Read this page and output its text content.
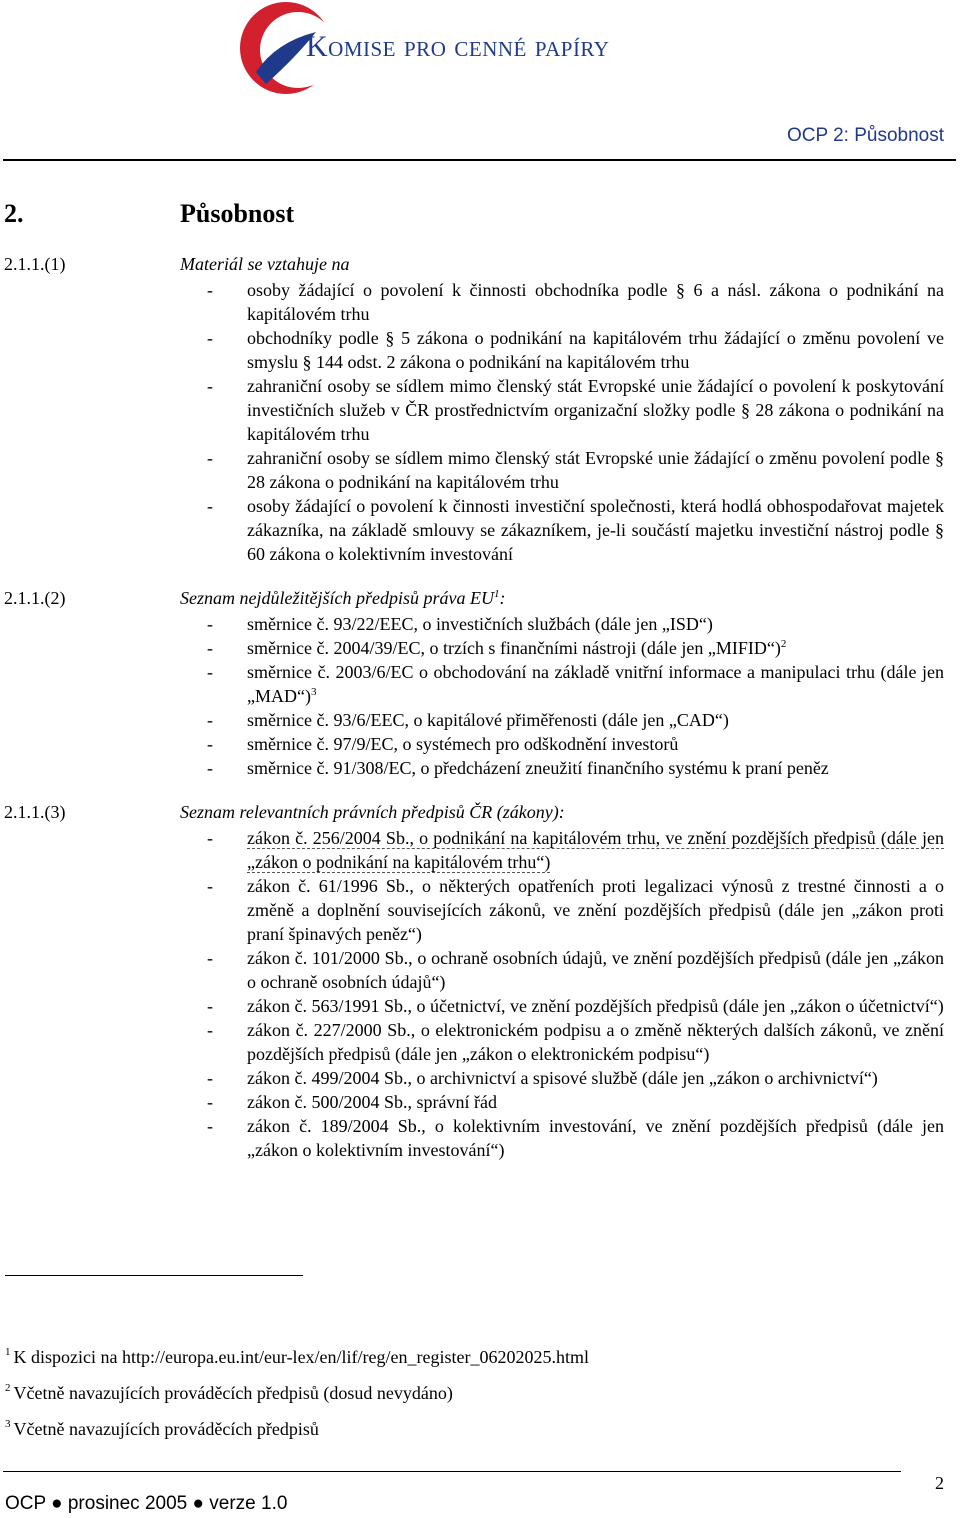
Komise pro cenné papíry
OCP 2: Působnost
2.	Působnost
2.1.1.(1)	Materiál se vztahuje na
- osoby žádající o povolení k činnosti obchodníka podle § 6 a násl. zákona o podnikání na kapitálovém trhu
- obchodníky podle § 5 zákona o podnikání na kapitálovém trhu žádající o změnu povolení ve smyslu § 144 odst. 2 zákona o podnikání na kapitálovém trhu
- zahraniční osoby se sídlem mimo členský stát Evropské unie žádající o povolení k poskytování investičních služeb v ČR prostřednictvím organizační složky podle § 28 zákona o podnikání na kapitálovém trhu
- zahraniční osoby se sídlem mimo členský stát Evropské unie žádající o změnu povolení podle § 28 zákona o podnikání na kapitálovém trhu
- osoby žádající o povolení k činnosti investiční společnosti, která hodlá obhospodařovat majetek zákazníka, na základě smlouvy se zákazníkem, je-li součástí majetku investiční nástroj podle § 60 zákona o kolektivním investování
2.1.1.(2)	Seznam nejdůležitějších předpisů práva $EU^1$:
- směrnice č. 93/22/EEC, o investičních službách (dále jen „ISD“)
- směrnice č. 2004/39/EC, o trzích s finančními nástroji (dále jen „MIFID“)$^2$
- směrnice č. 2003/6/EC o obchodování na základě vnitřní informace a manipulaci trhu (dále jen „MAD“)$^3$
- směrnice č. 93/6/EEC, o kapitálové přiměřenosti (dále jen „CAD“)
- směrnice č. 97/9/EC, o systémech pro odškodnění investorů
- směrnice č. 91/308/EC, o předcházení zneužití finančního systému k praní peněz
2.1.1.(3)	Seznam relevantních právních předpisů ČR (zákony):
- zákon č. 256/2004 Sb., o podnikání na kapitálovém trhu, ve znění pozdějších předpisů (dále jen „zákon o podnikání na kapitálovém trhu“)
- zákon č. 61/1996 Sb., o některých opatřeních proti legalizaci výnosů z trestné činnosti a o změně a doplnění souvisejících zákonů, ve znění pozdějších předpisů (dále jen „zákon proti praní špinavých peněz“)
- zákon č. 101/2000 Sb., o ochraně osobních údajů, ve znění pozdějších předpisů (dále jen „zákon o ochraně osobních údajů“)
- zákon č. 563/1991 Sb., o účetnictví, ve znění pozdějších předpisů (dále jen „zákon o účetnictví“)
- zákon č. 227/2000 Sb., o elektronickém podpisu a o změně některých dalších zákonů, ve znění pozdějších předpisů (dále jen „zákon o elektronickém podpisu“)
- zákon č. 499/2004 Sb., o archivnictví a spisové službě (dále jen „zákon o archivnictví“)
- zákon č. 500/2004 Sb., správní řád
- zákon č. 189/2004 Sb., o kolektivním investování, ve znění pozdějších předpisů (dále jen „zákon o kolektivním investování“)
$^1$ K dispozici na http://europa.eu.int/eur-lex/en/lif/reg/en_register_06202025.html
$^2$ Včetně navazujících prováděcích předpisů (dosud nevydáno)
$^3$ Včetně navazujících prováděcích předpisů
2
OCP ● prosinec 2005 ● verze 1.0
